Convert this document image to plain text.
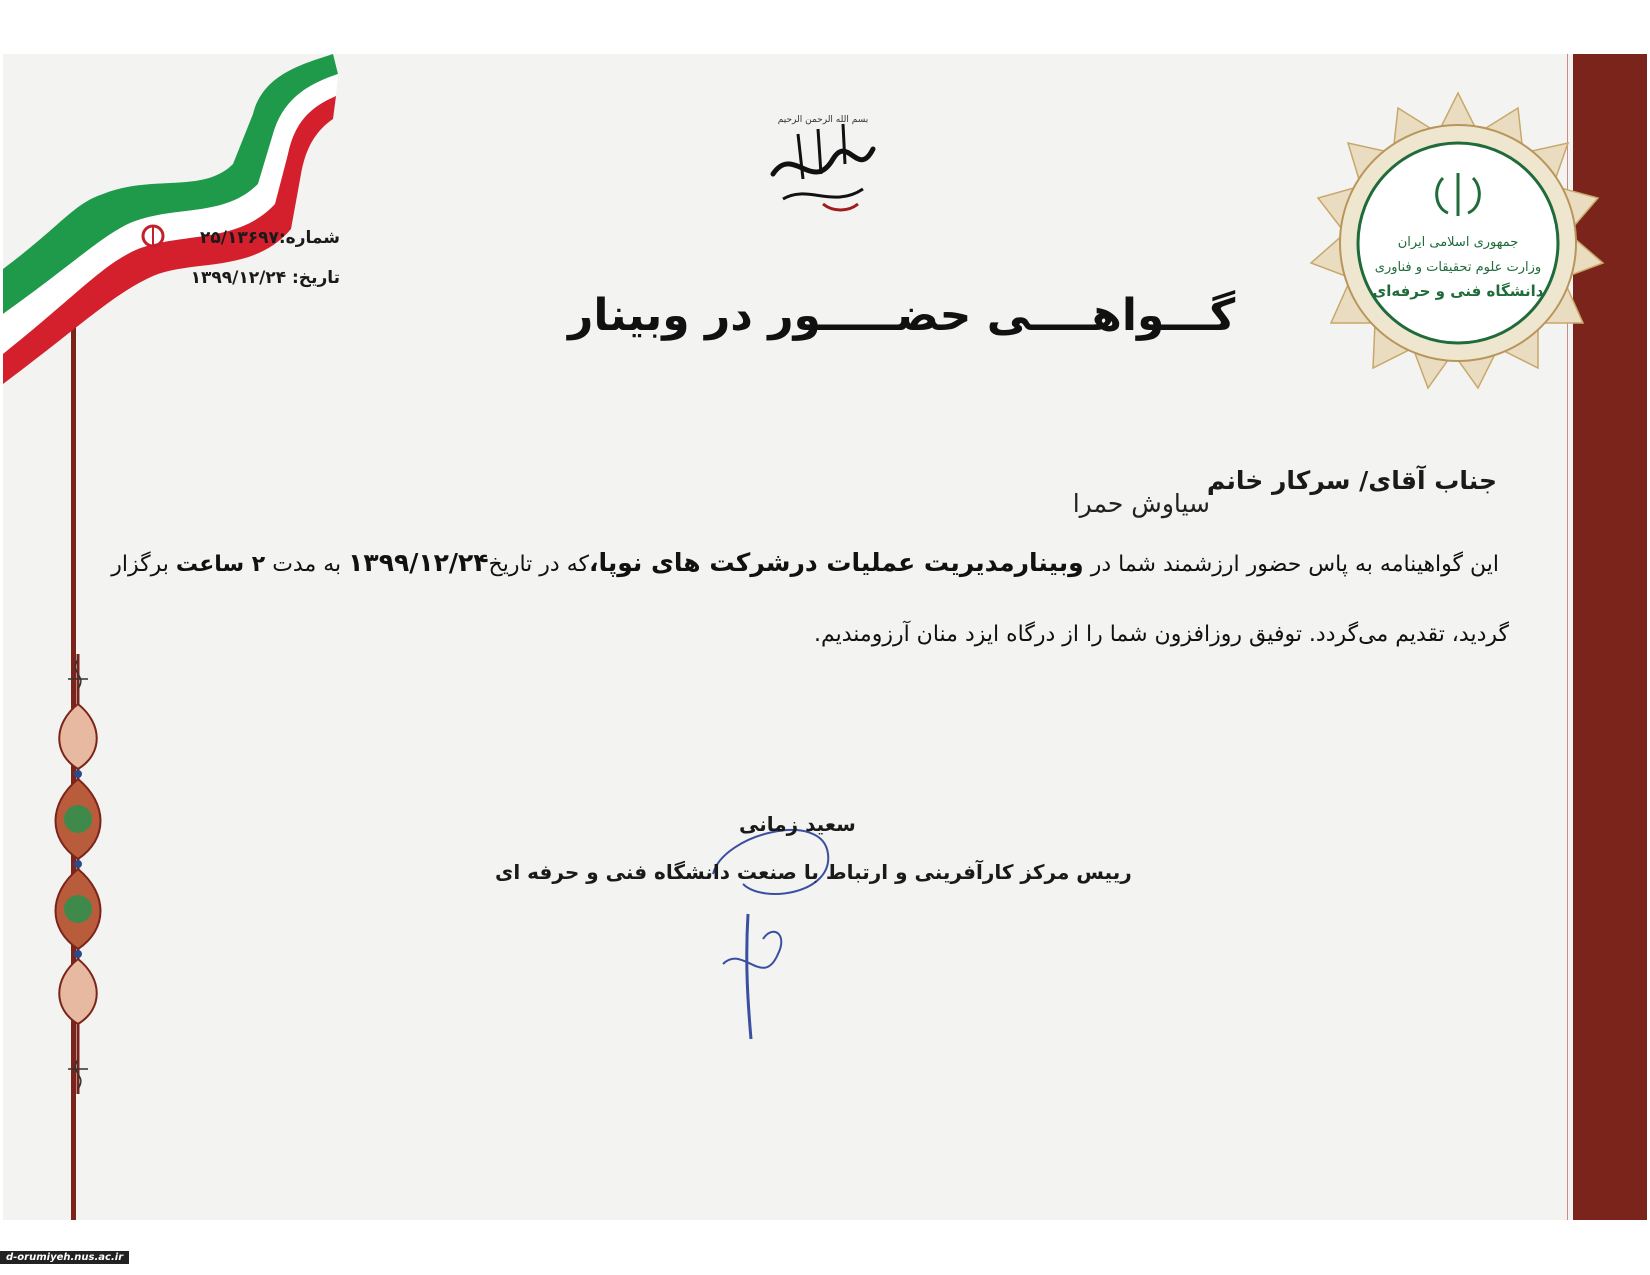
بسم الله الرحمن الرحیم
جمهوری اسلامی ایران
وزارت علوم تحقیقات و فناوری
دانشگاه فنی و حرفه‌ای
شماره:۲۵/۱۳۶۹۷
تاریخ: ۱۳۹۹/۱۲/۲۴
گـــواهــــی حضـــــور در وبینار
جناب آقای/ سرکار خانم
سیاوش حمرا
این گواهینامه به پاس حضور ارزشمند شما در وبینارمدیریت عملیات درشرکت های نوپا،که در تاریخ۱۳۹۹/۱۲/۲۴ به مدت ۲ ساعت برگزار
گردید، تقدیم می‌گردد. توفیق روزافزون شما را از درگاه ایزد منان آرزومندیم.
سعید زمانی
رییس مرکز کارآفرینی و ارتباط با صنعت دانشگاه فنی و حرفه ای
d-orumiyeh.nus.ac.ir
